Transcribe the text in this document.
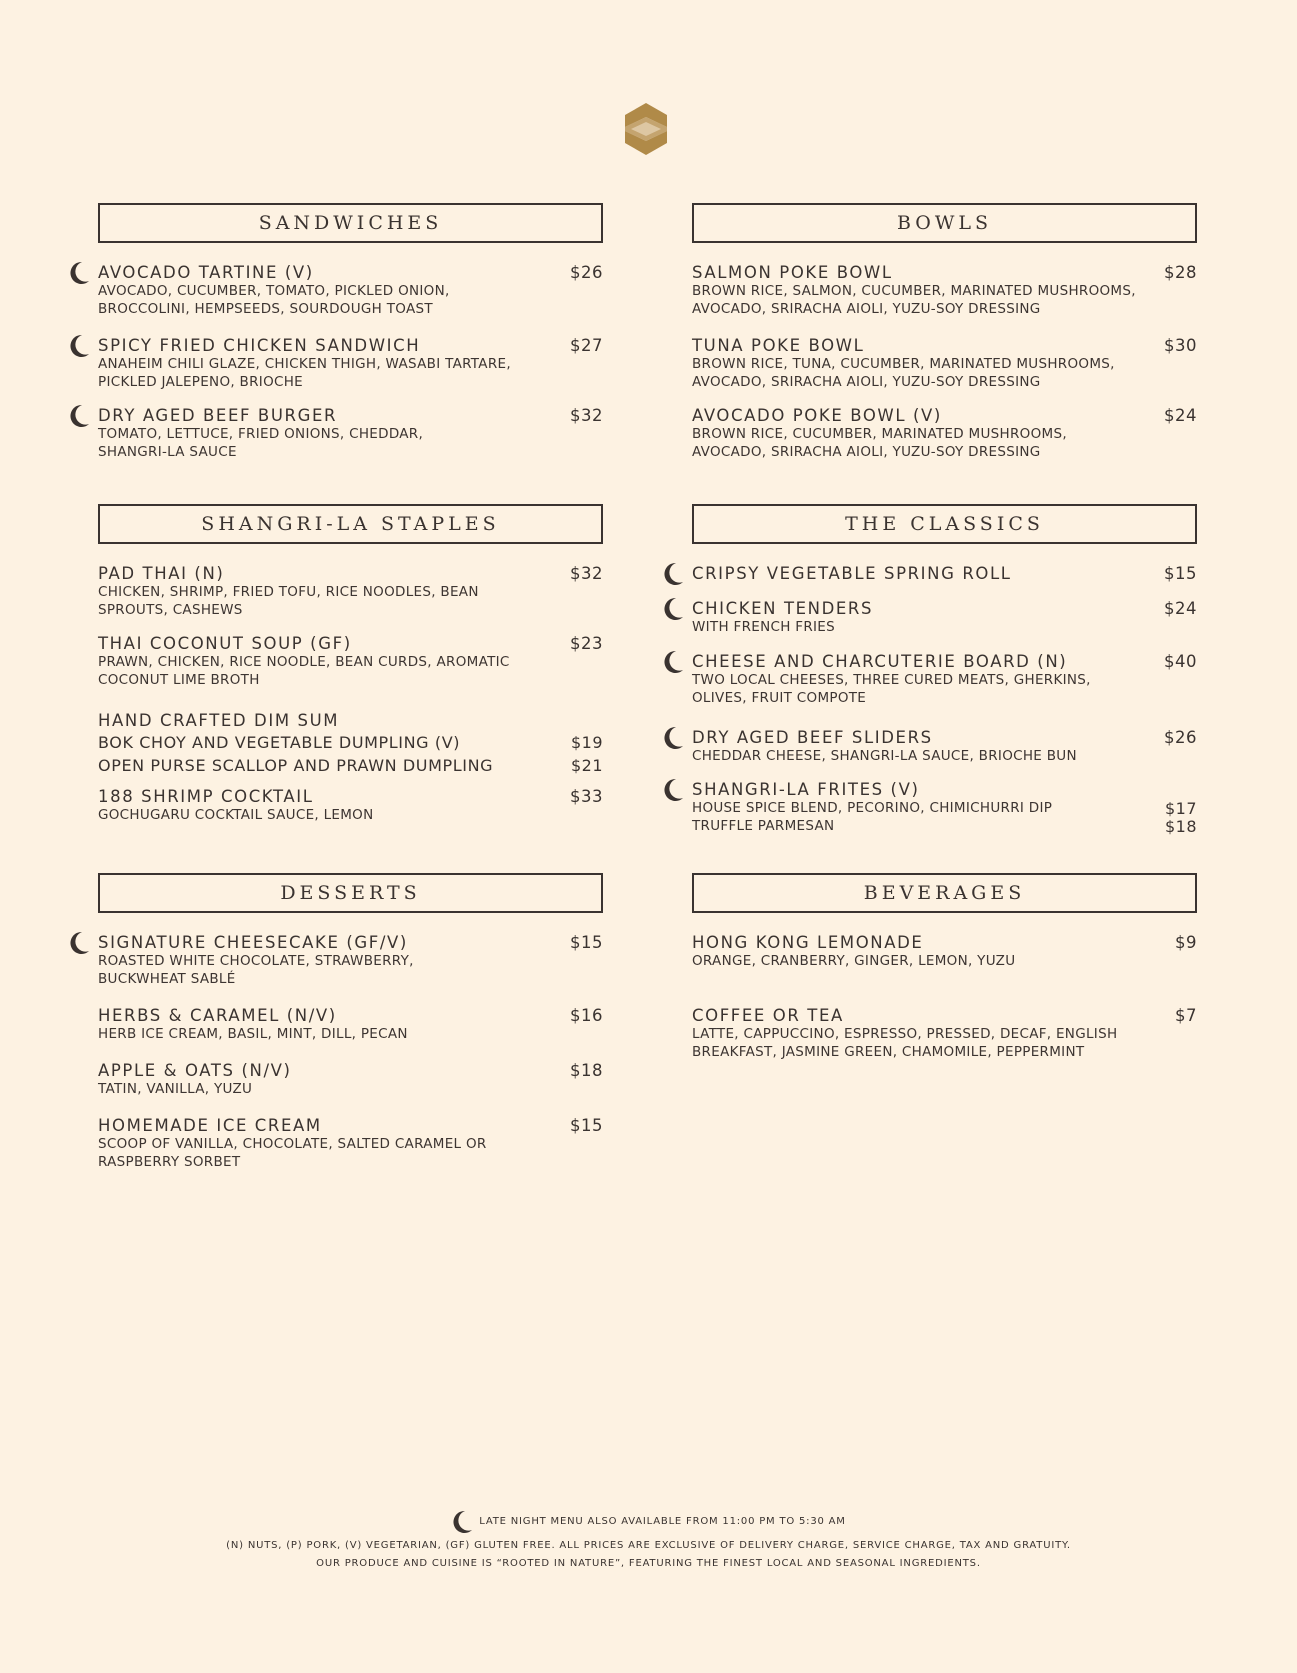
SANDWICHES
AVOCADO TARTINE (V)	$26
AVOCADO, CUCUMBER, TOMATO, PICKLED ONION,
BROCCOLINI, HEMPSEEDS, SOURDOUGH TOAST
SPICY FRIED CHICKEN SANDWICH	$27
ANAHEIM CHILI GLAZE, CHICKEN THIGH, WASABI TARTARE,
PICKLED JALEPENO, BRIOCHE
DRY AGED BEEF BURGER	$32
TOMATO, LETTUCE, FRIED ONIONS, CHEDDAR,
SHANGRI-LA SAUCE
SHANGRI-LA STAPLES
PAD THAI (N)	$32
CHICKEN, SHRIMP, FRIED TOFU, RICE NOODLES, BEAN
SPROUTS, CASHEWS
THAI COCONUT SOUP (GF)	$23
PRAWN, CHICKEN, RICE NOODLE, BEAN CURDS, AROMATIC
COCONUT LIME BROTH
HAND CRAFTED DIM SUM
BOK CHOY AND VEGETABLE DUMPLING (V)	$19
OPEN PURSE SCALLOP AND PRAWN DUMPLING	$21
188 SHRIMP COCKTAIL	$33
GOCHUGARU COCKTAIL SAUCE, LEMON
DESSERTS
SIGNATURE CHEESECAKE (GF/V)	$15
ROASTED WHITE CHOCOLATE, STRAWBERRY,
BUCKWHEAT SABLÉ
HERBS & CARAMEL (N/V)	$16
HERB ICE CREAM, BASIL, MINT, DILL, PECAN
APPLE & OATS (N/V)	$18
TATIN, VANILLA, YUZU
HOMEMADE ICE CREAM	$15
SCOOP OF VANILLA, CHOCOLATE, SALTED CARAMEL OR
RASPBERRY SORBET
BOWLS
SALMON POKE BOWL	$28
BROWN RICE, SALMON, CUCUMBER, MARINATED MUSHROOMS,
AVOCADO, SRIRACHA AIOLI, YUZU-SOY DRESSING
TUNA POKE BOWL	$30
BROWN RICE, TUNA, CUCUMBER, MARINATED MUSHROOMS,
AVOCADO, SRIRACHA AIOLI, YUZU-SOY DRESSING
AVOCADO POKE BOWL (V)	$24
BROWN RICE, CUCUMBER, MARINATED MUSHROOMS,
AVOCADO, SRIRACHA AIOLI, YUZU-SOY DRESSING
THE CLASSICS
CRIPSY VEGETABLE SPRING ROLL	$15
CHICKEN TENDERS	$24
WITH FRENCH FRIES
CHEESE AND CHARCUTERIE BOARD (N)	$40
TWO LOCAL CHEESES, THREE CURED MEATS, GHERKINS,
OLIVES, FRUIT COMPOTE
DRY AGED BEEF SLIDERS	$26
CHEDDAR CHEESE, SHANGRI-LA SAUCE, BRIOCHE BUN
SHANGRI-LA FRITES (V)
HOUSE SPICE BLEND, PECORINO, CHIMICHURRI DIP	$17
TRUFFLE PARMESAN	$18
BEVERAGES
HONG KONG LEMONADE	$9
ORANGE, CRANBERRY, GINGER, LEMON, YUZU
COFFEE OR TEA	$7
LATTE, CAPPUCCINO, ESPRESSO, PRESSED, DECAF, ENGLISH
BREAKFAST, JASMINE GREEN, CHAMOMILE, PEPPERMINT
LATE NIGHT MENU ALSO AVAILABLE FROM 11:00 PM TO 5:30 AM
(N) NUTS, (P) PORK, (V) VEGETARIAN, (GF) GLUTEN FREE. ALL PRICES ARE EXCLUSIVE OF DELIVERY CHARGE, SERVICE CHARGE, TAX AND GRATUITY.
OUR PRODUCE AND CUISINE IS “ROOTED IN NATURE”, FEATURING THE FINEST LOCAL AND SEASONAL INGREDIENTS.
